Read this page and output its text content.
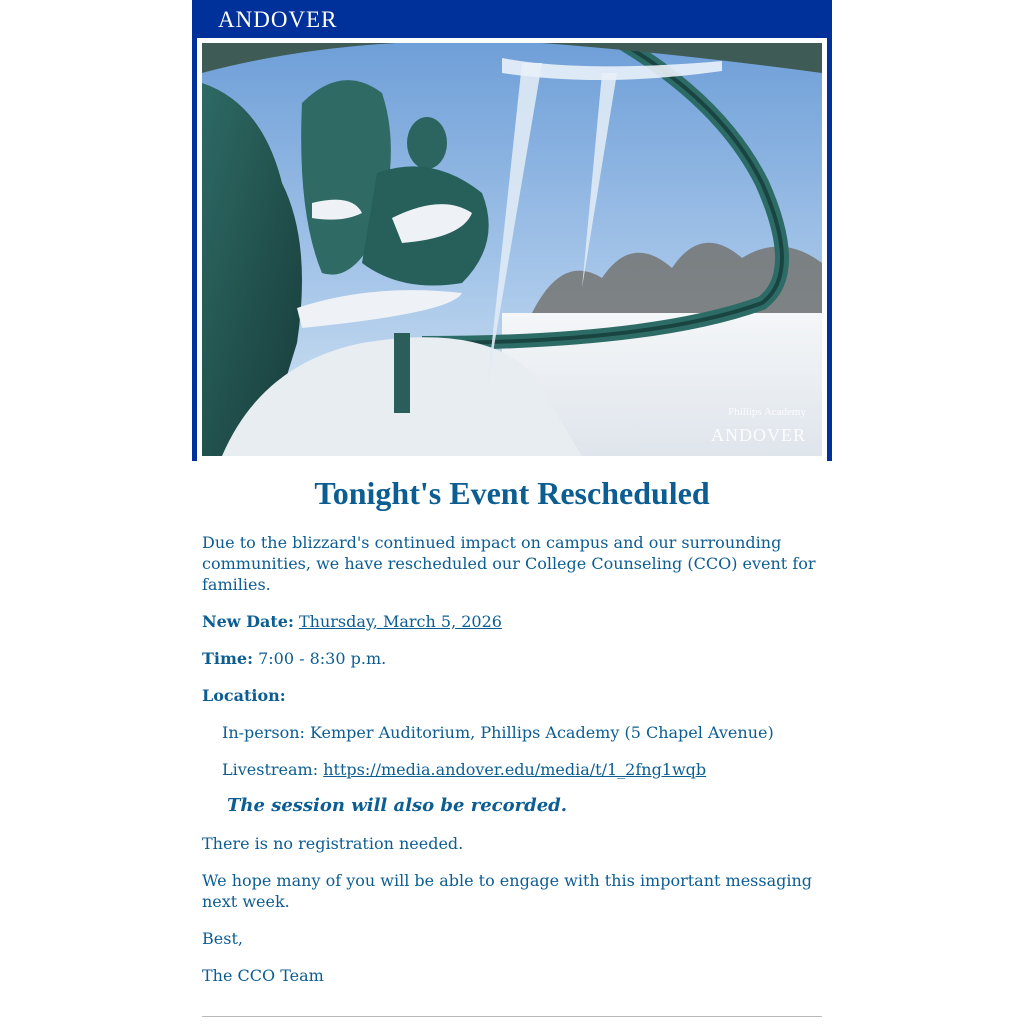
ANDOVER
Phillips Academy
ANDOVER
Tonight's Event Rescheduled

Due to the blizzard's continued impact on campus and our surrounding communities, we have rescheduled our College Counseling (CCO) event for families.

New Date: Thursday, March 5, 2026

Time: 7:00 - 8:30 p.m.

Location:

In-person: Kemper Auditorium, Phillips Academy (5 Chapel Avenue)

Livestream: https://media.andover.edu/media/t/1_2fng1wqb

The session will also be recorded.

There is no registration needed.

We hope many of you will be able to engage with this important messaging next week.

Best,

The CCO Team
